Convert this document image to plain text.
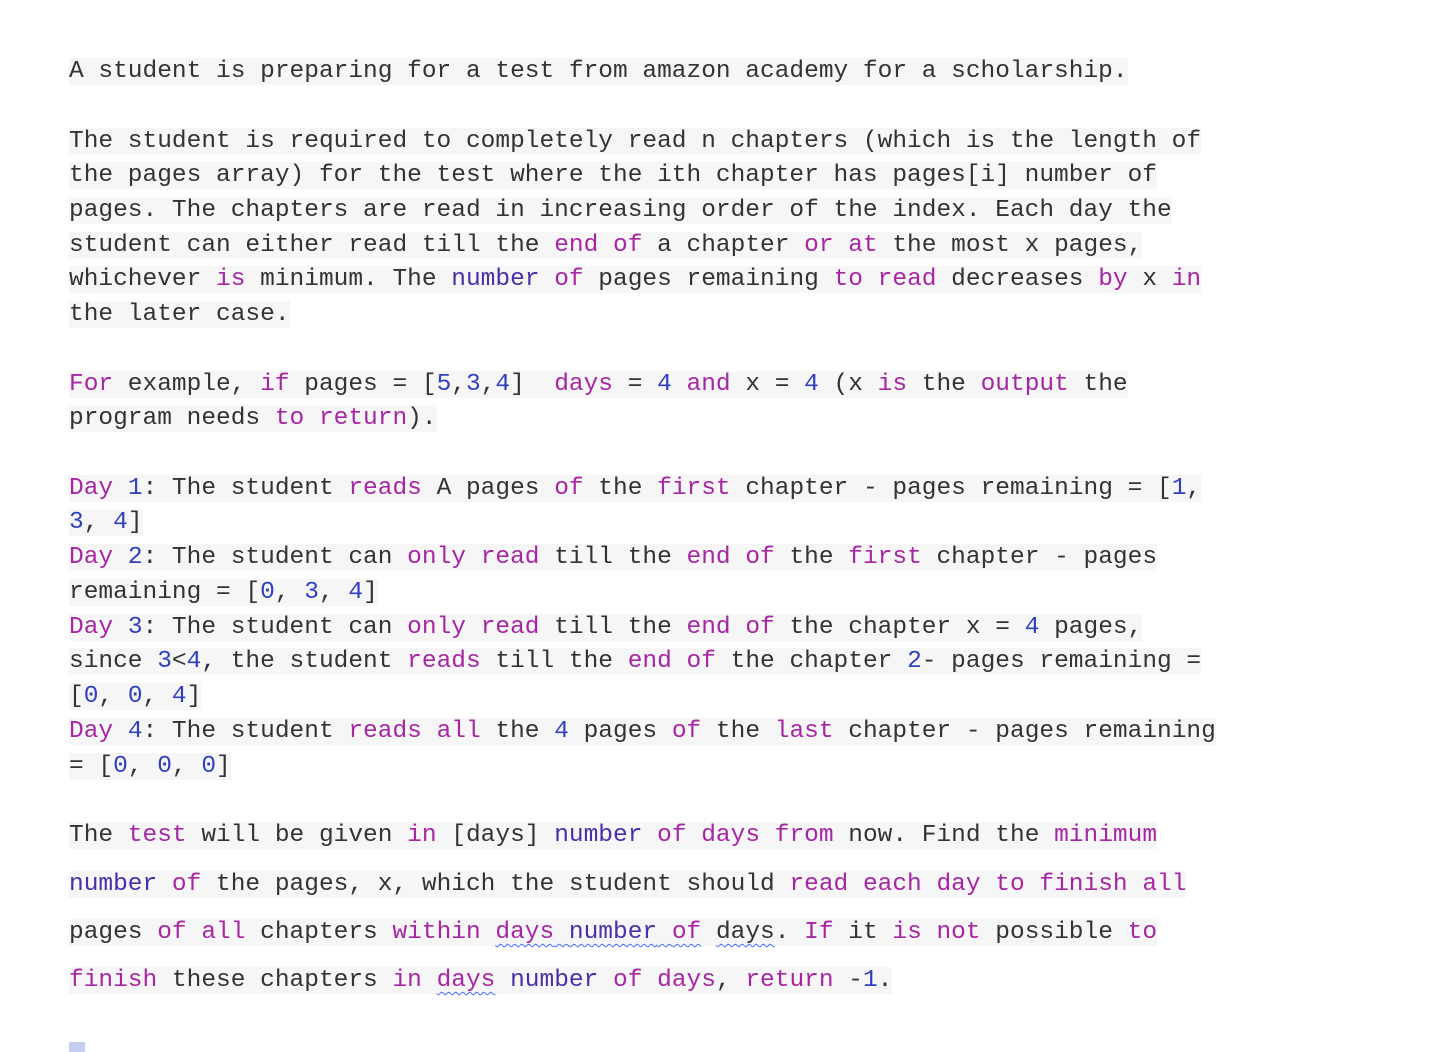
A student is preparing for a test from amazon academy for a scholarship.
The student is required to completely read n chapters (which is the length of
the pages array) for the test where the ith chapter has pages[i] number of
pages. The chapters are read in increasing order of the index. Each day the
student can either read till the end of a chapter or at the most x pages,
whichever is minimum. The number of pages remaining to read decreases by x in
the later case.
For example, if pages = [5,3,4]  days = 4 and x = 4 (x is the output the
program needs to return).
Day 1: The student reads A pages of the first chapter - pages remaining = [1,
3, 4]
Day 2: The student can only read till the end of the first chapter - pages
remaining = [0, 3, 4]
Day 3: The student can only read till the end of the chapter x = 4 pages,
since 3<4, the student reads till the end of the chapter 2- pages remaining =
[0, 0, 4]
Day 4: The student reads all the 4 pages of the last chapter - pages remaining
= [0, 0, 0]
The test will be given in [days] number of days from now. Find the minimum
number of the pages, x, which the student should read each day to finish all
pages of all chapters within days number of days. If it is not possible to
finish these chapters in days number of days, return -1.
